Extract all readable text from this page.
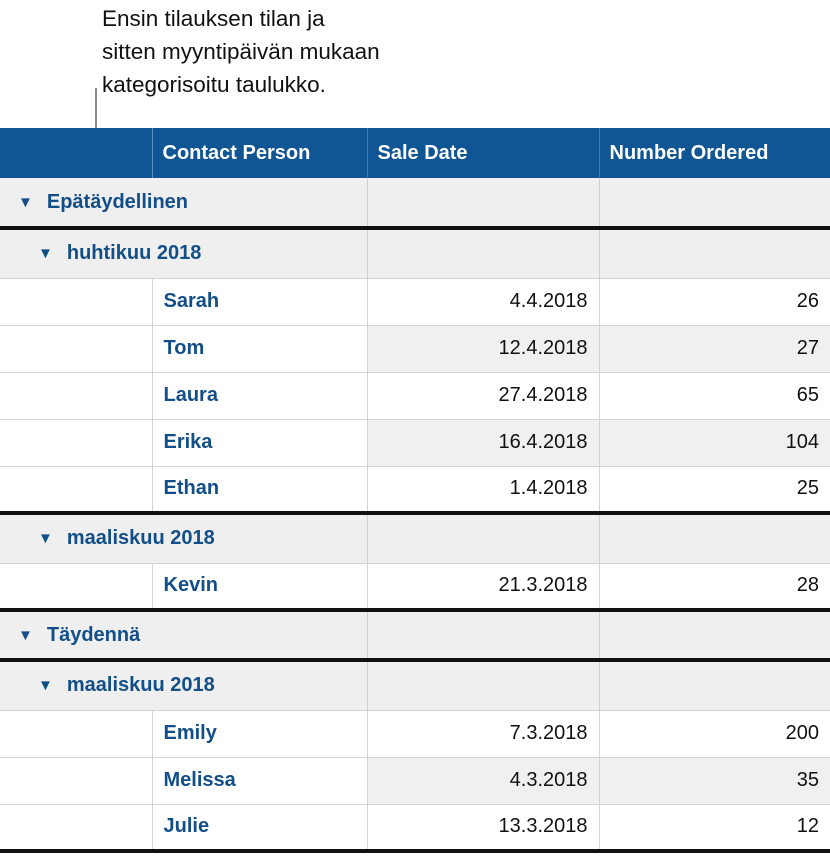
Ensin tilauksen tilan ja
sitten myyntipäivän mukaan
kategorisoitu taulukko.
	Contact Person	Sale Date	Number Ordered
▼ Epätäydellinen			
▼ huhtikuu 2018			
	Sarah	4.4.2018	26
	Tom	12.4.2018	27
	Laura	27.4.2018	65
	Erika	16.4.2018	104
	Ethan	1.4.2018	25
▼ maaliskuu 2018			
	Kevin	21.3.2018	28
▼ Täydennä			
▼ maaliskuu 2018			
	Emily	7.3.2018	200
	Melissa	4.3.2018	35
	Julie	13.3.2018	12
